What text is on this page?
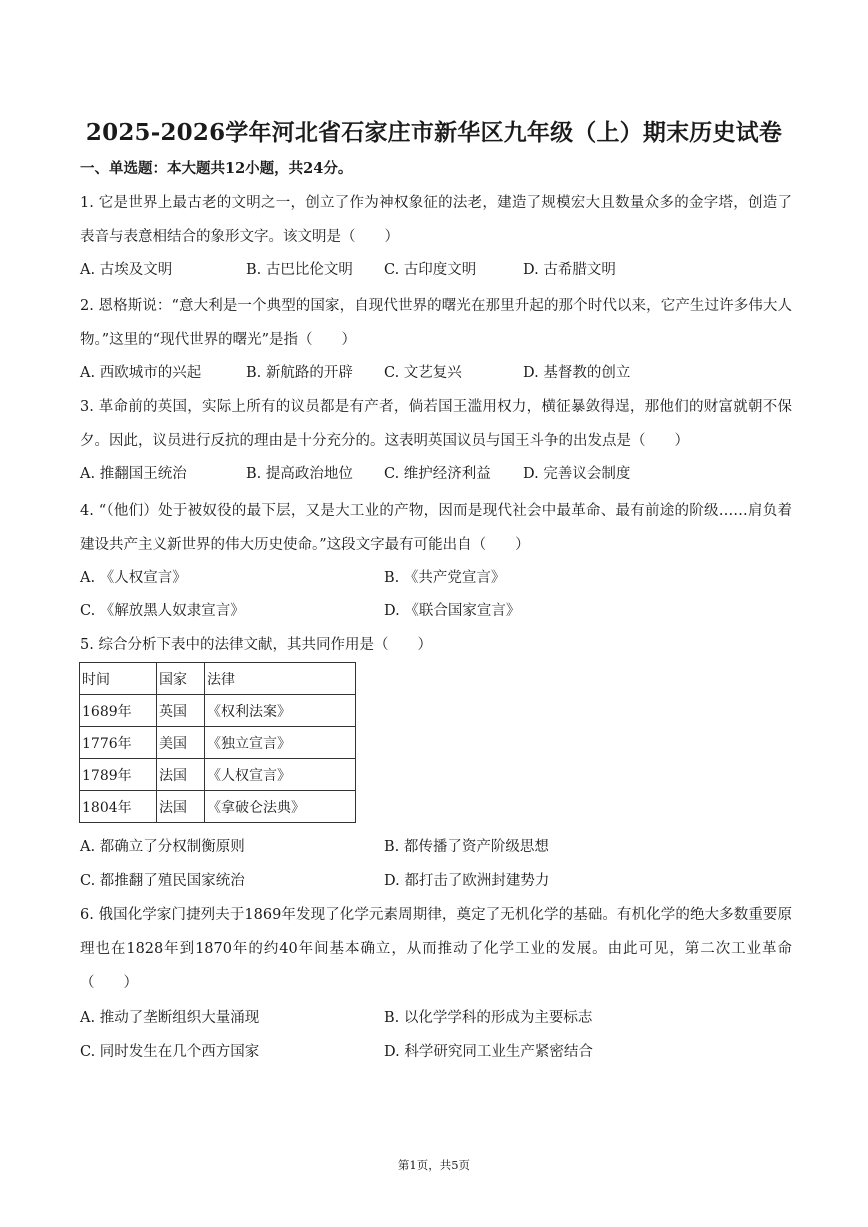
2025-2026学年河北省石家庄市新华区九年级（上）期末历史试卷
一、单选题：本大题共12小题，共24分。
1. 它是世界上最古老的文明之一，创立了作为神权象征的法老，建造了规模宏大且数量众多的金字塔，创造了表音与表意相结合的象形文字。该文明是（　　）
A. 古埃及文明	B. 古巴比伦文明 C. 古印度文明	D. 古希腊文明
2. 恩格斯说：“意大利是一个典型的国家，自现代世界的曙光在那里升起的那个时代以来，它产生过许多伟大人物。”这里的“现代世界的曙光”是指（　　）
A. 西欧城市的兴起	B. 新航路的开辟 C. 文艺复兴	D. 基督教的创立
3. 革命前的英国，实际上所有的议员都是有产者，倘若国王滥用权力，横征暴敛得逞，那他们的财富就朝不保夕。因此，议员进行反抗的理由是十分充分的。这表明英国议员与国王斗争的出发点是（　　）
A. 推翻国王统治	B. 提高政治地位 C. 维护经济利益 D. 完善议会制度
4. “（他们）处于被奴役的最下层，又是大工业的产物，因而是现代社会中最革命、最有前途的阶级……肩负着建设共产主义新世界的伟大历史使命。”这段文字最有可能出自（　　）
A. 《人权宣言》	B. 《共产党宣言》
C. 《解放黑人奴隶宣言》	D. 《联合国家宣言》
5. 综合分析下表中的法律文献，其共同作用是（　　）
时间	国家	法律
1689年	英国	《权利法案》
1776年	美国	《独立宣言》
1789年	法国	《人权宣言》
1804年	法国	《拿破仑法典》
A. 都确立了分权制衡原则	B. 都传播了资产阶级思想
C. 都推翻了殖民国家统治	D. 都打击了欧洲封建势力
6. 俄国化学家门捷列夫于1869年发现了化学元素周期律，奠定了无机化学的基础。有机化学的绝大多数重要原理也在1828年到1870年的约40年间基本确立，从而推动了化学工业的发展。由此可见，第二次工业革命（　　）
A. 推动了垄断组织大量涌现	B. 以化学学科的形成为主要标志
C. 同时发生在几个西方国家	D. 科学研究同工业生产紧密结合
第1页，共5页
